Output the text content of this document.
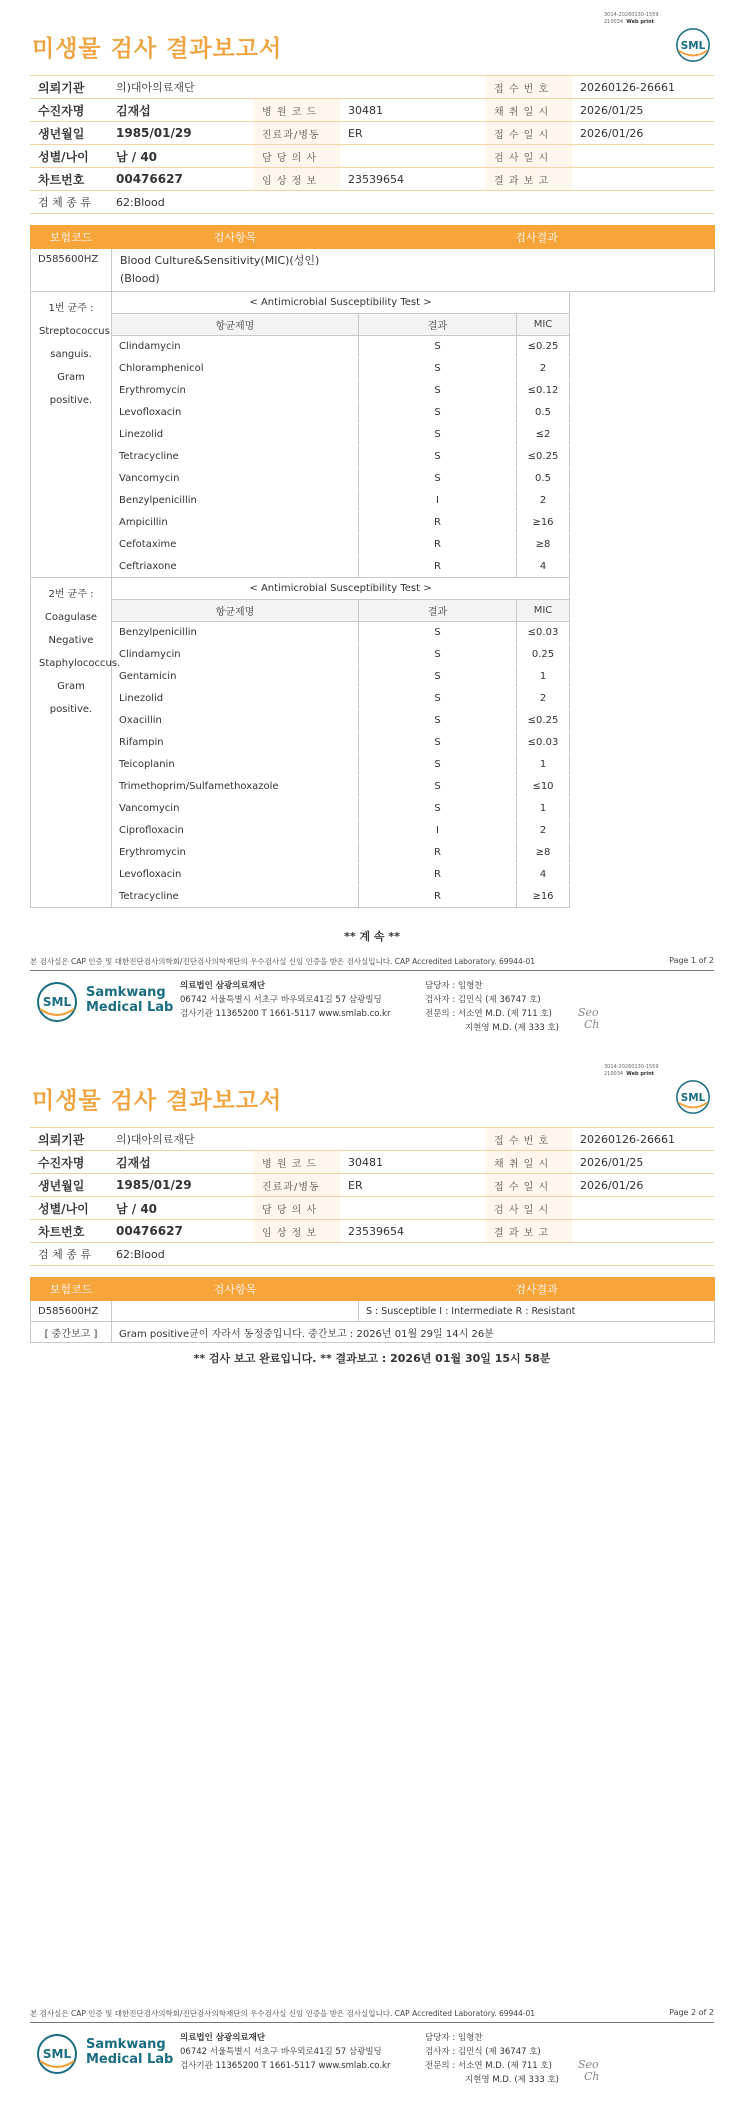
3014-20260130-1559
210034 Web print
미생물 검사 결과보고서	SML
의뢰기관	의)대아의료재단			접 수 번 호	20260126-26661
수진자명	김재섭	병 원 코 드	30481	채 취 일 시	2026/01/25
생년월일	1985/01/29	진료과/병동	ER	접 수 일 시	2026/01/26
성별/나이	남 / 40	담 당 의 사		검 사 일 시	
차트번호	00476627	임 상 정 보	23539654	결 과 보 고	
검 체 종 류	62:Blood				
보험코드	검사항목	검사결과	
D585600HZ	Blood Culture&Sensitivity(MIC)(성인)
(Blood)		

1번 균주 :
Streptococcus sanguis.
Gram positive.	< Antimicrobial Susceptibility Test >		
	항균제명	결과	MIC
	Clindamycin	S	≤0.25
	Chloramphenicol	S	2
	Erythromycin	S	≤0.12
	Levofloxacin	S	0.5
	Linezolid	S	≤2
	Tetracycline	S	≤0.25
	Vancomycin	S	0.5
	Benzylpenicillin	I	2
	Ampicillin	R	≥16
	Cefotaxime	R	≥8
	Ceftriaxone	R	4

2번 균주 :
Coagulase Negative Staphylococcus.
Gram positive.	< Antimicrobial Susceptibility Test >		
	항균제명	결과	MIC
	Benzylpenicillin	S	≤0.03
	Clindamycin	S	0.25
	Gentamicin	S	1
	Linezolid	S	2
	Oxacillin	S	≤0.25
	Rifampin	S	≤0.03
	Teicoplanin	S	1
	Trimethoprim/Sulfamethoxazole	S	≤10
	Vancomycin	S	1
	Ciprofloxacin	I	2
	Erythromycin	R	≥8
	Levofloxacin	R	4
	Tetracycline	R	≥16
** 계 속 **
본 검사실은 CAP 인증 및 대한진단검사의학회/진단검사의학재단의 우수검사실 신임 인증을 받은 검사실입니다. CAP Accredited Laboratory. 69944-01	Page 1 of 2
SML
Samkwang
Medical Lab
의료법인 삼광의료재단
06742 서울특별시 서초구 바우뫼로41길 57 삼광빌딩
검사기관 11365200 T 1661-5117 www.smlab.co.kr
담당자 : 임형찬
검사자 : 김민식 (제 36747 호)
전문의 : 서소연 M.D. (제 711 호)
지현영 M.D. (제 333 호)
Seo
Ch
3014-20260130-1559
210034 Web print
미생물 검사 결과보고서	SML
의뢰기관	의)대아의료재단			접 수 번 호	20260126-26661
수진자명	김재섭	병 원 코 드	30481	채 취 일 시	2026/01/25
생년월일	1985/01/29	진료과/병동	ER	접 수 일 시	2026/01/26
성별/나이	남 / 40	담 당 의 사		검 사 일 시	
차트번호	00476627	임 상 정 보	23539654	결 과 보 고	
검 체 종 류	62:Blood				
보험코드	검사항목	검사결과
D585600HZ		S : Susceptible I : Intermediate R : Resistant
[ 중간보고 ]	Gram positive균이 자라서 동정중입니다. 중간보고 : 2026년 01월 29일 14시 26분	
** 검사 보고 완료입니다. ** 결과보고 : 2026년 01월 30일 15시 58분
본 검사실은 CAP 인증 및 대한진단검사의학회/진단검사의학재단의 우수검사실 신임 인증을 받은 검사실입니다. CAP Accredited Laboratory. 69944-01	Page 2 of 2
SML
Samkwang
Medical Lab
의료법인 삼광의료재단
06742 서울특별시 서초구 바우뫼로41길 57 삼광빌딩
검사기관 11365200 T 1661-5117 www.smlab.co.kr
담당자 : 임형찬
검사자 : 김민식 (제 36747 호)
전문의 : 서소연 M.D. (제 711 호)
지현영 M.D. (제 333 호)
Seo
Ch
